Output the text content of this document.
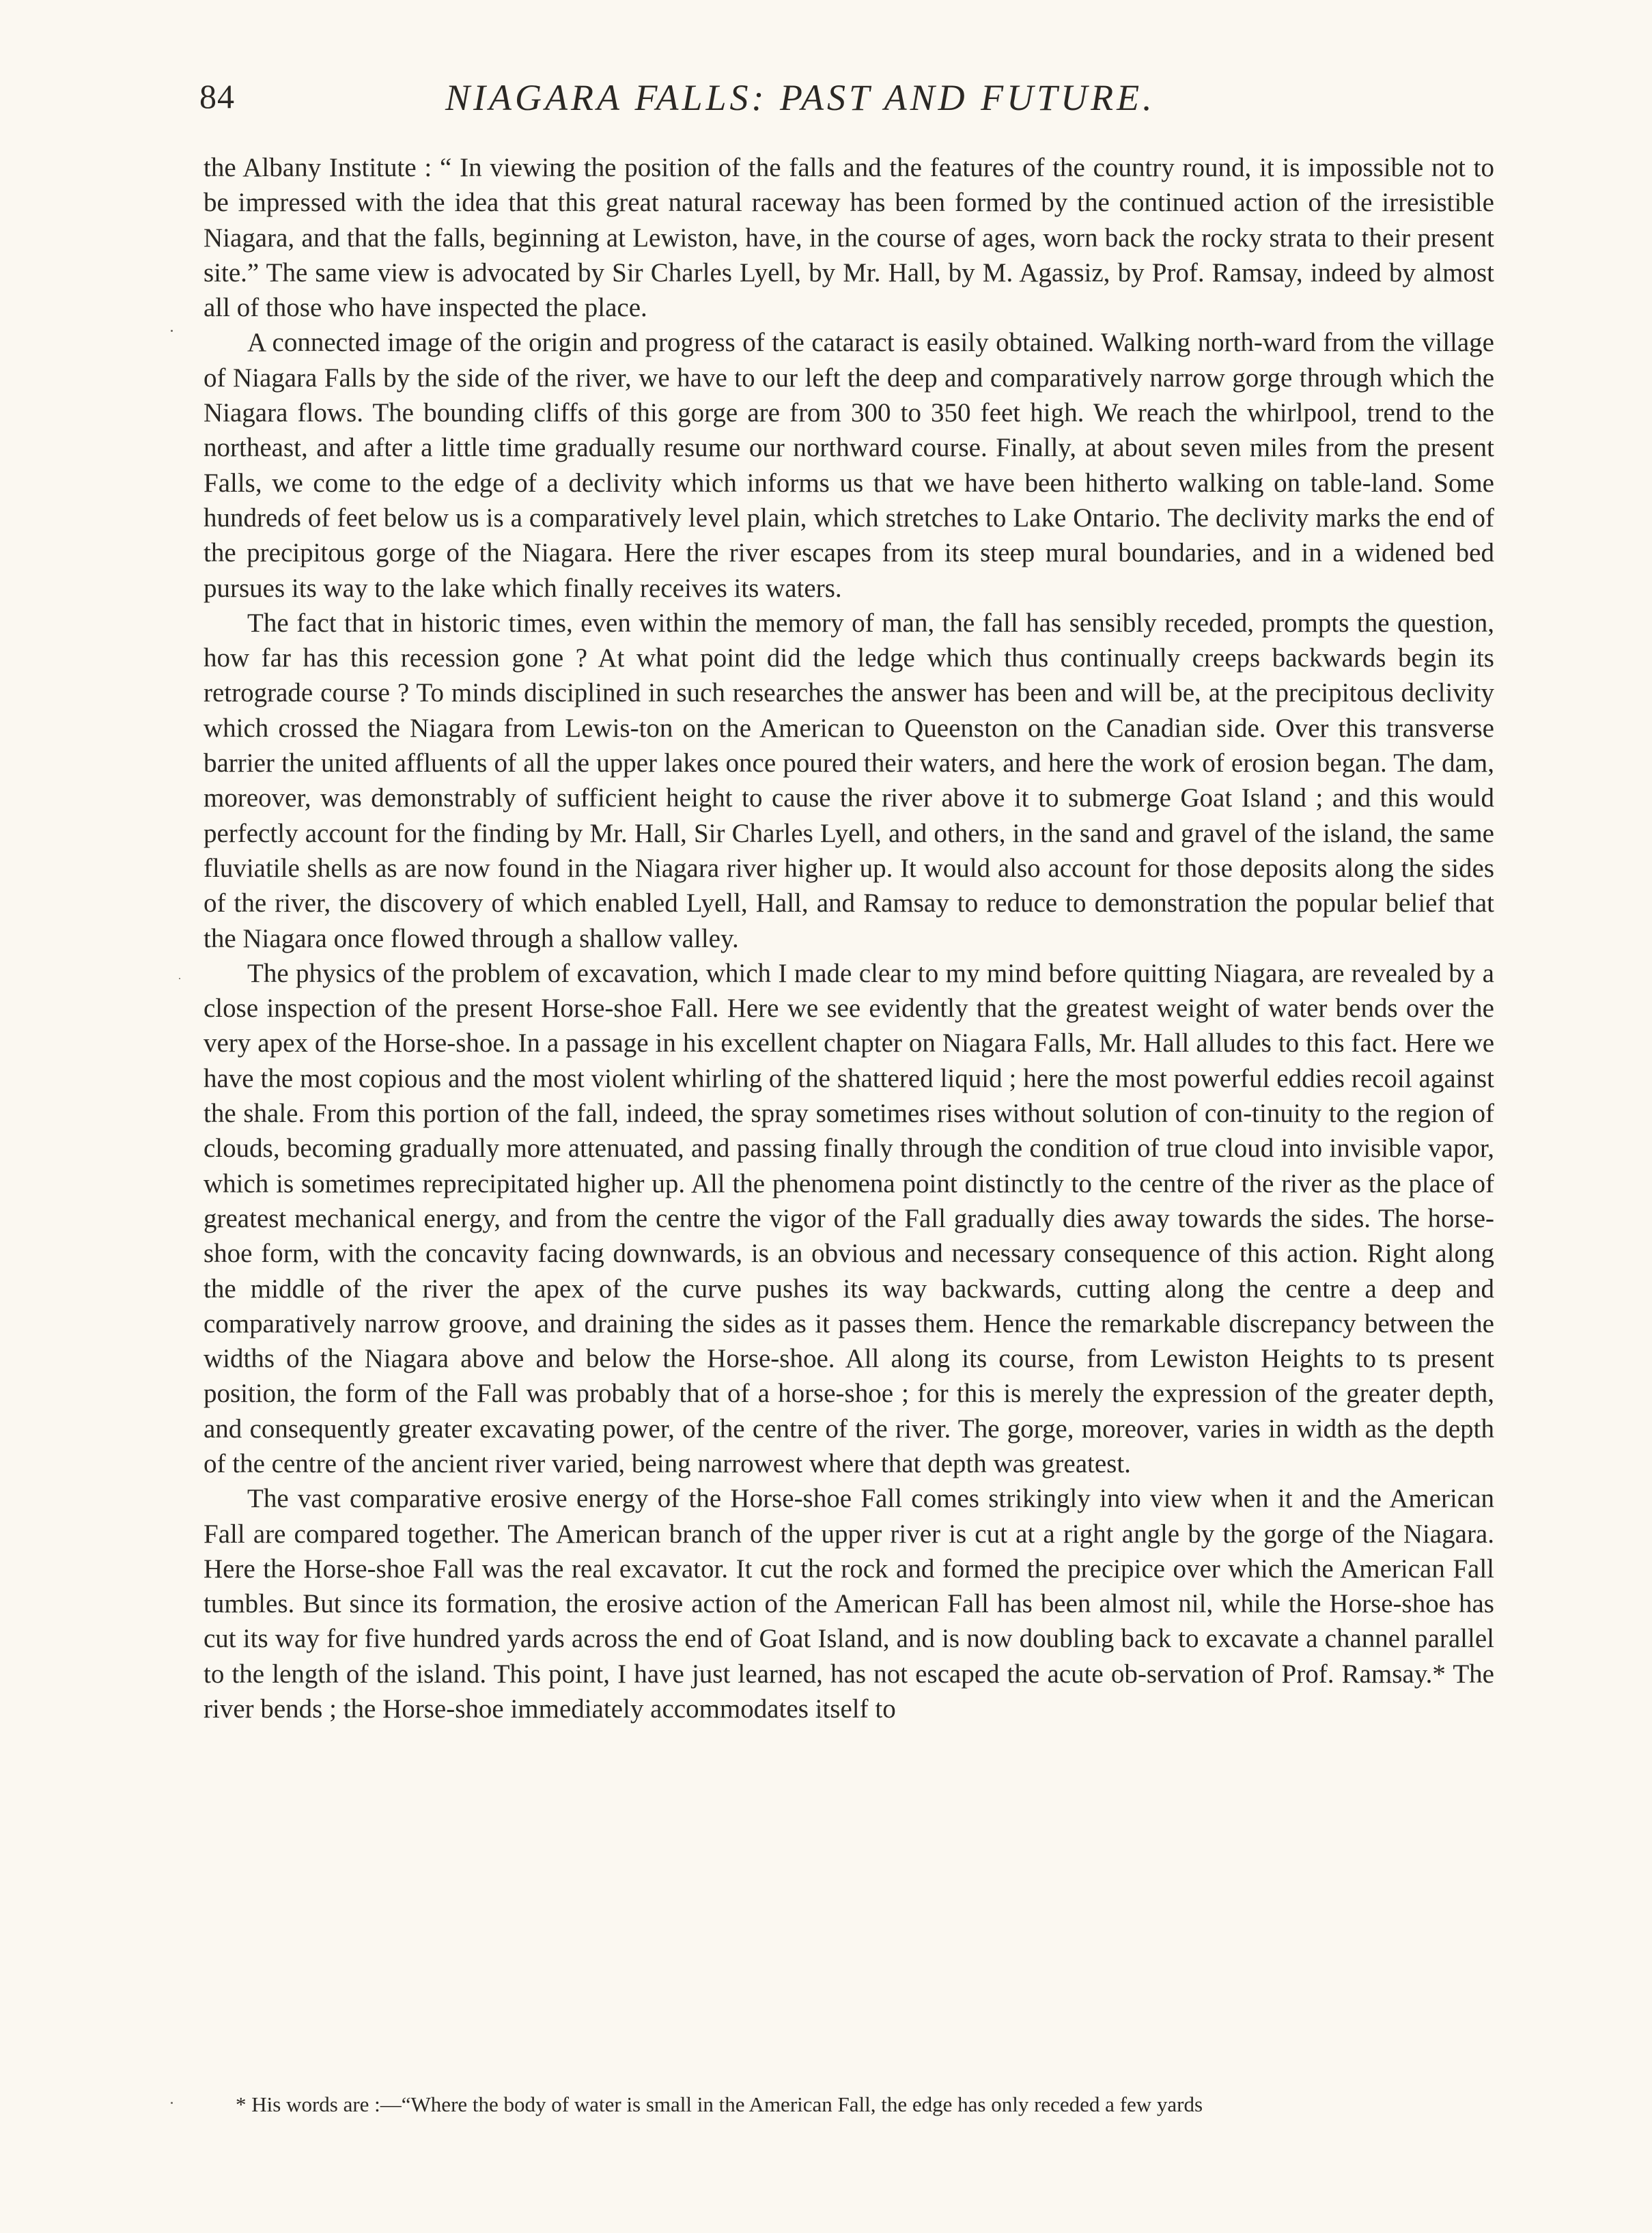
84	NIAGARA FALLS: PAST AND FUTURE.

the Albany Institute : “ In viewing the position of the falls and the features of the country round, it is impossible not to be impressed with the idea that this great natural raceway has been formed by the continued action of the irresistible Niagara, and that the falls, beginning at Lewiston, have, in the course of ages, worn back the rocky strata to their present site.” The same view is advocated by Sir Charles Lyell, by Mr. Hall, by M. Agassiz, by Prof. Ramsay, indeed by almost all of those who have inspected the place.

A connected image of the origin and progress of the cataract is easily obtained. Walking north-ward from the village of Niagara Falls by the side of the river, we have to our left the deep and comparatively narrow gorge through which the Niagara flows. The bounding cliffs of this gorge are from 300 to 350 feet high. We reach the whirlpool, trend to the northeast, and after a little time gradually resume our northward course. Finally, at about seven miles from the present Falls, we come to the edge of a declivity which informs us that we have been hitherto walking on table-land. Some hundreds of feet below us is a comparatively level plain, which stretches to Lake Ontario. The declivity marks the end of the precipitous gorge of the Niagara. Here the river escapes from its steep mural boundaries, and in a widened bed pursues its way to the lake which finally receives its waters.

The fact that in historic times, even within the memory of man, the fall has sensibly receded, prompts the question, how far has this recession gone ? At what point did the ledge which thus continually creeps backwards begin its retrograde course ? To minds disciplined in such researches the answer has been and will be, at the precipitous declivity which crossed the Niagara from Lewis-ton on the American to Queenston on the Canadian side. Over this transverse barrier the united affluents of all the upper lakes once poured their waters, and here the work of erosion began. The dam, moreover, was demonstrably of sufficient height to cause the river above it to submerge Goat Island ; and this would perfectly account for the finding by Mr. Hall, Sir Charles Lyell, and others, in the sand and gravel of the island, the same fluviatile shells as are now found in the Niagara river higher up. It would also account for those deposits along the sides of the river, the discovery of which enabled Lyell, Hall, and Ramsay to reduce to demonstration the popular belief that the Niagara once flowed through a shallow valley.

The physics of the problem of excavation, which I made clear to my mind before quitting Niagara, are revealed by a close inspection of the present Horse-shoe Fall. Here we see evidently that the greatest weight of water bends over the very apex of the Horse-shoe. In a passage in his excellent chapter on Niagara Falls, Mr. Hall alludes to this fact. Here we have the most copious and the most violent whirling of the shattered liquid ; here the most powerful eddies recoil against the shale. From this portion of the fall, indeed, the spray sometimes rises without solution of con-tinuity to the region of clouds, becoming gradually more attenuated, and passing finally through the condition of true cloud into invisible vapor, which is sometimes reprecipitated higher up. All the phenomena point distinctly to the centre of the river as the place of greatest mechanical energy, and from the centre the vigor of the Fall gradually dies away towards the sides. The horse-shoe form, with the concavity facing downwards, is an obvious and necessary consequence of this action. Right along the middle of the river the apex of the curve pushes its way backwards, cutting along the centre a deep and comparatively narrow groove, and draining the sides as it passes them. Hence the remarkable discrepancy between the widths of the Niagara above and below the Horse-shoe. All along its course, from Lewiston Heights to ts present position, the form of the Fall was probably that of a horse-shoe ; for this is merely the expression of the greater depth, and consequently greater excavating power, of the centre of the river. The gorge, moreover, varies in width as the depth of the centre of the ancient river varied, being narrowest where that depth was greatest.

The vast comparative erosive energy of the Horse-shoe Fall comes strikingly into view when it and the American Fall are compared together. The American branch of the upper river is cut at a right angle by the gorge of the Niagara. Here the Horse-shoe Fall was the real excavator. It cut the rock and formed the precipice over which the American Fall tumbles. But since its formation, the erosive action of the American Fall has been almost nil, while the Horse-shoe has cut its way for five hundred yards across the end of Goat Island, and is now doubling back to excavate a channel parallel to the length of the island. This point, I have just learned, has not escaped the acute ob-servation of Prof. Ramsay.* The river bends ; the Horse-shoe immediately accommodates itself to

* His words are :—“Where the body of water is small in the American Fall, the edge has only receded a few yards
